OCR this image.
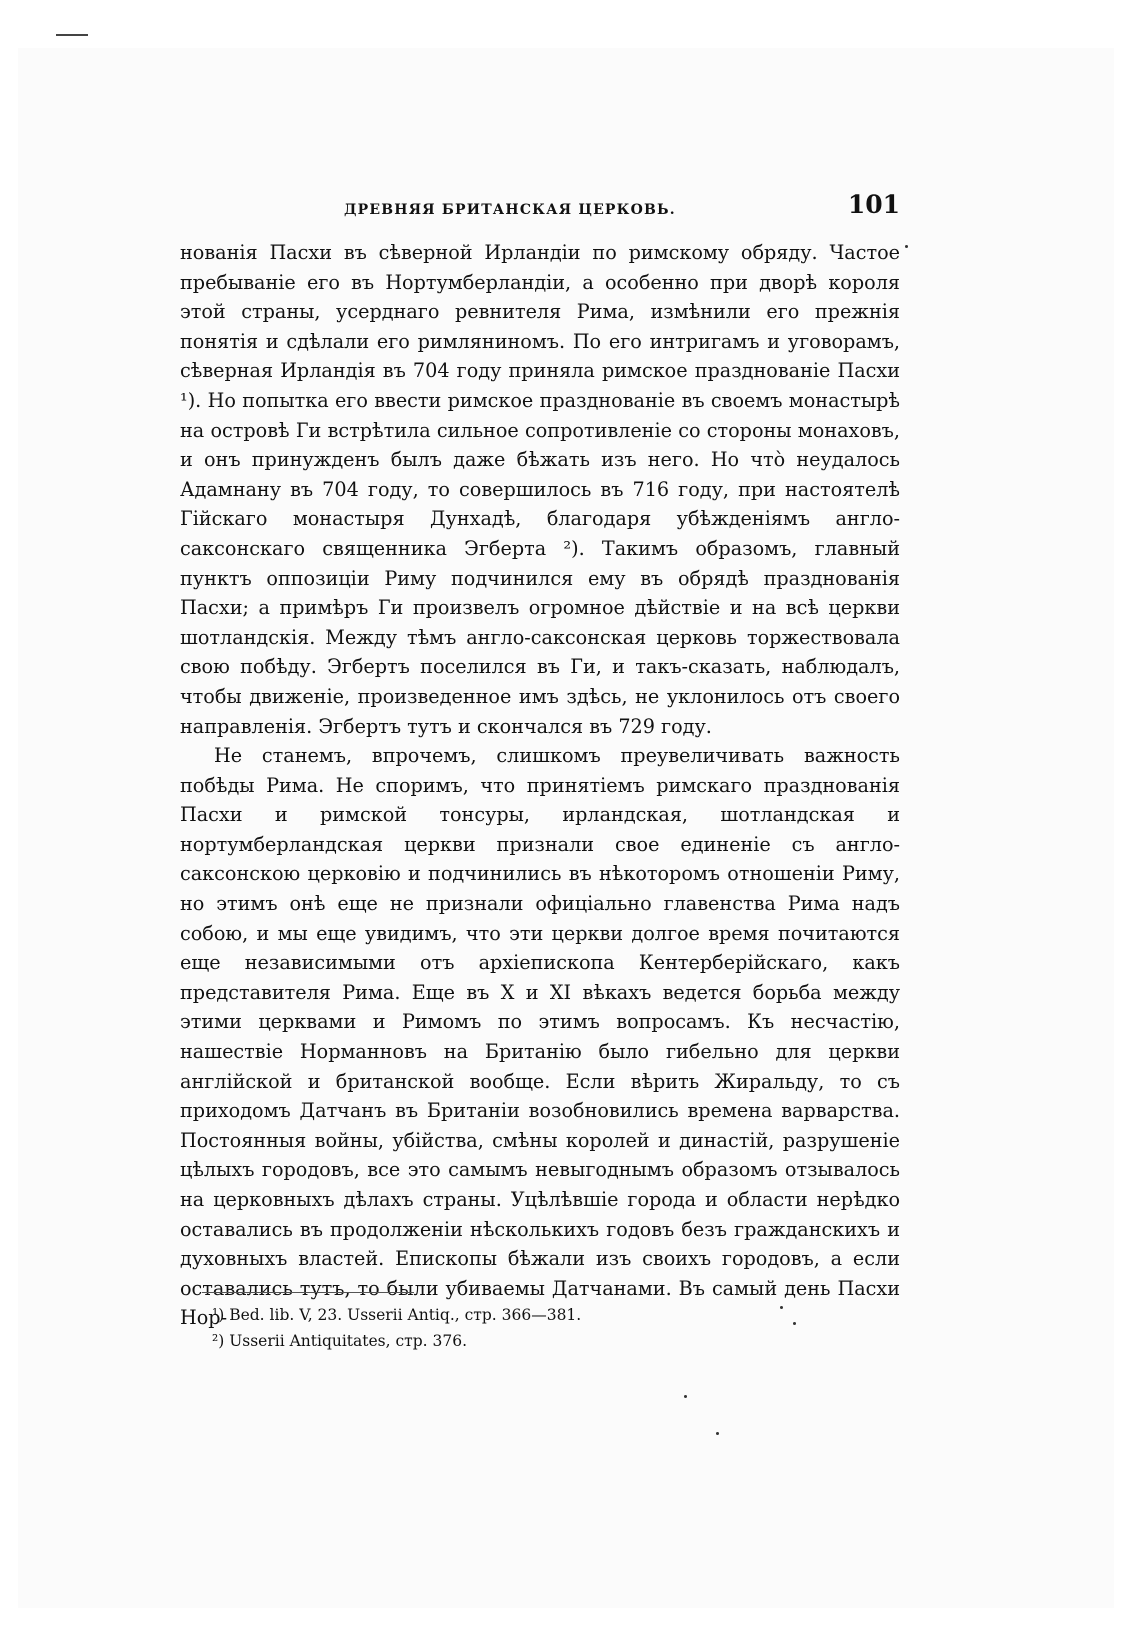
ДРЕВНЯЯ БРИТАНСКАЯ ЦЕРКОВЬ.	101

нованія Пасхи въ сѣверной Ирландіи по римскому обряду. Частое пребываніе его въ Нортумберландіи, а особенно при дворѣ короля этой страны, усерднаго ревнителя Рима, измѣнили его прежнія понятія и сдѣлали его римляниномъ. По его интригамъ и уговорамъ, сѣверная Ирландія въ 704 году приняла римское празднованіе Пасхи ¹). Но попытка его ввести римское празднованіе въ своемъ монастырѣ на островѣ Ги встрѣтила сильное сопротивленіе со стороны монаховъ, и онъ принужденъ былъ даже бѣжать изъ него. Но что̀ неудалось Адамнану въ 704 году, то совершилось въ 716 году, при настоятелѣ Гійскаго монастыря Дунхадѣ, благодаря убѣжденіямъ англо-саксонскаго священника Эгберта ²). Такимъ образомъ, главный пунктъ оппозиціи Риму подчинился ему въ обрядѣ празднованія Пасхи; а примѣръ Ги произвелъ огромное дѣйствіе и на всѣ церкви шотландскія. Между тѣмъ англо-саксонская церковь торжествовала свою побѣду. Эгбертъ поселился въ Ги, и такъ-сказать, наблюдалъ, чтобы движеніе, произведенное имъ здѣсь, не уклонилось отъ своего направленія. Эгбертъ тутъ и скончался въ 729 году.

Не станемъ, впрочемъ, слишкомъ преувеличивать важность побѣды Рима. Не споримъ, что принятіемъ римскаго празднованія Пасхи и римской тонсуры, ирландская, шотландская и нортумберландская церкви признали свое единеніе съ англо-саксонскою церковію и подчинились въ нѣкоторомъ отношеніи Риму, но этимъ онѣ еще не признали офиціально главенства Рима надъ собою, и мы еще увидимъ, что эти церкви долгое время почитаются еще независимыми отъ архіепископа Кентерберійскаго, какъ представителя Рима. Еще въ X и XI вѣкахъ ведется борьба между этими церквами и Римомъ по этимъ вопросамъ. Къ несчастію, нашествіе Норманновъ на Британію было гибельно для церкви англійской и британской вообще. Если вѣрить Жиральду, то съ приходомъ Датчанъ въ Британіи возобновились времена варварства. Постоянныя войны, убійства, смѣны королей и династій, разрушеніе цѣлыхъ городовъ, все это самымъ невыгоднымъ образомъ отзывалось на церковныхъ дѣлахъ страны. Уцѣлѣвшіе города и области нерѣдко оставались въ продолженіи нѣсколькихъ годовъ безъ гражданскихъ и духовныхъ властей. Епископы бѣжали изъ своихъ городовъ, а если оставались тутъ, то были убиваемы Датчанами. Въ самый день Пасхи Нор-

¹) Bed. lib. V, 23. Usserii Antiq., стр. 366—381.

²) Usserii Antiquitates, стр. 376.
